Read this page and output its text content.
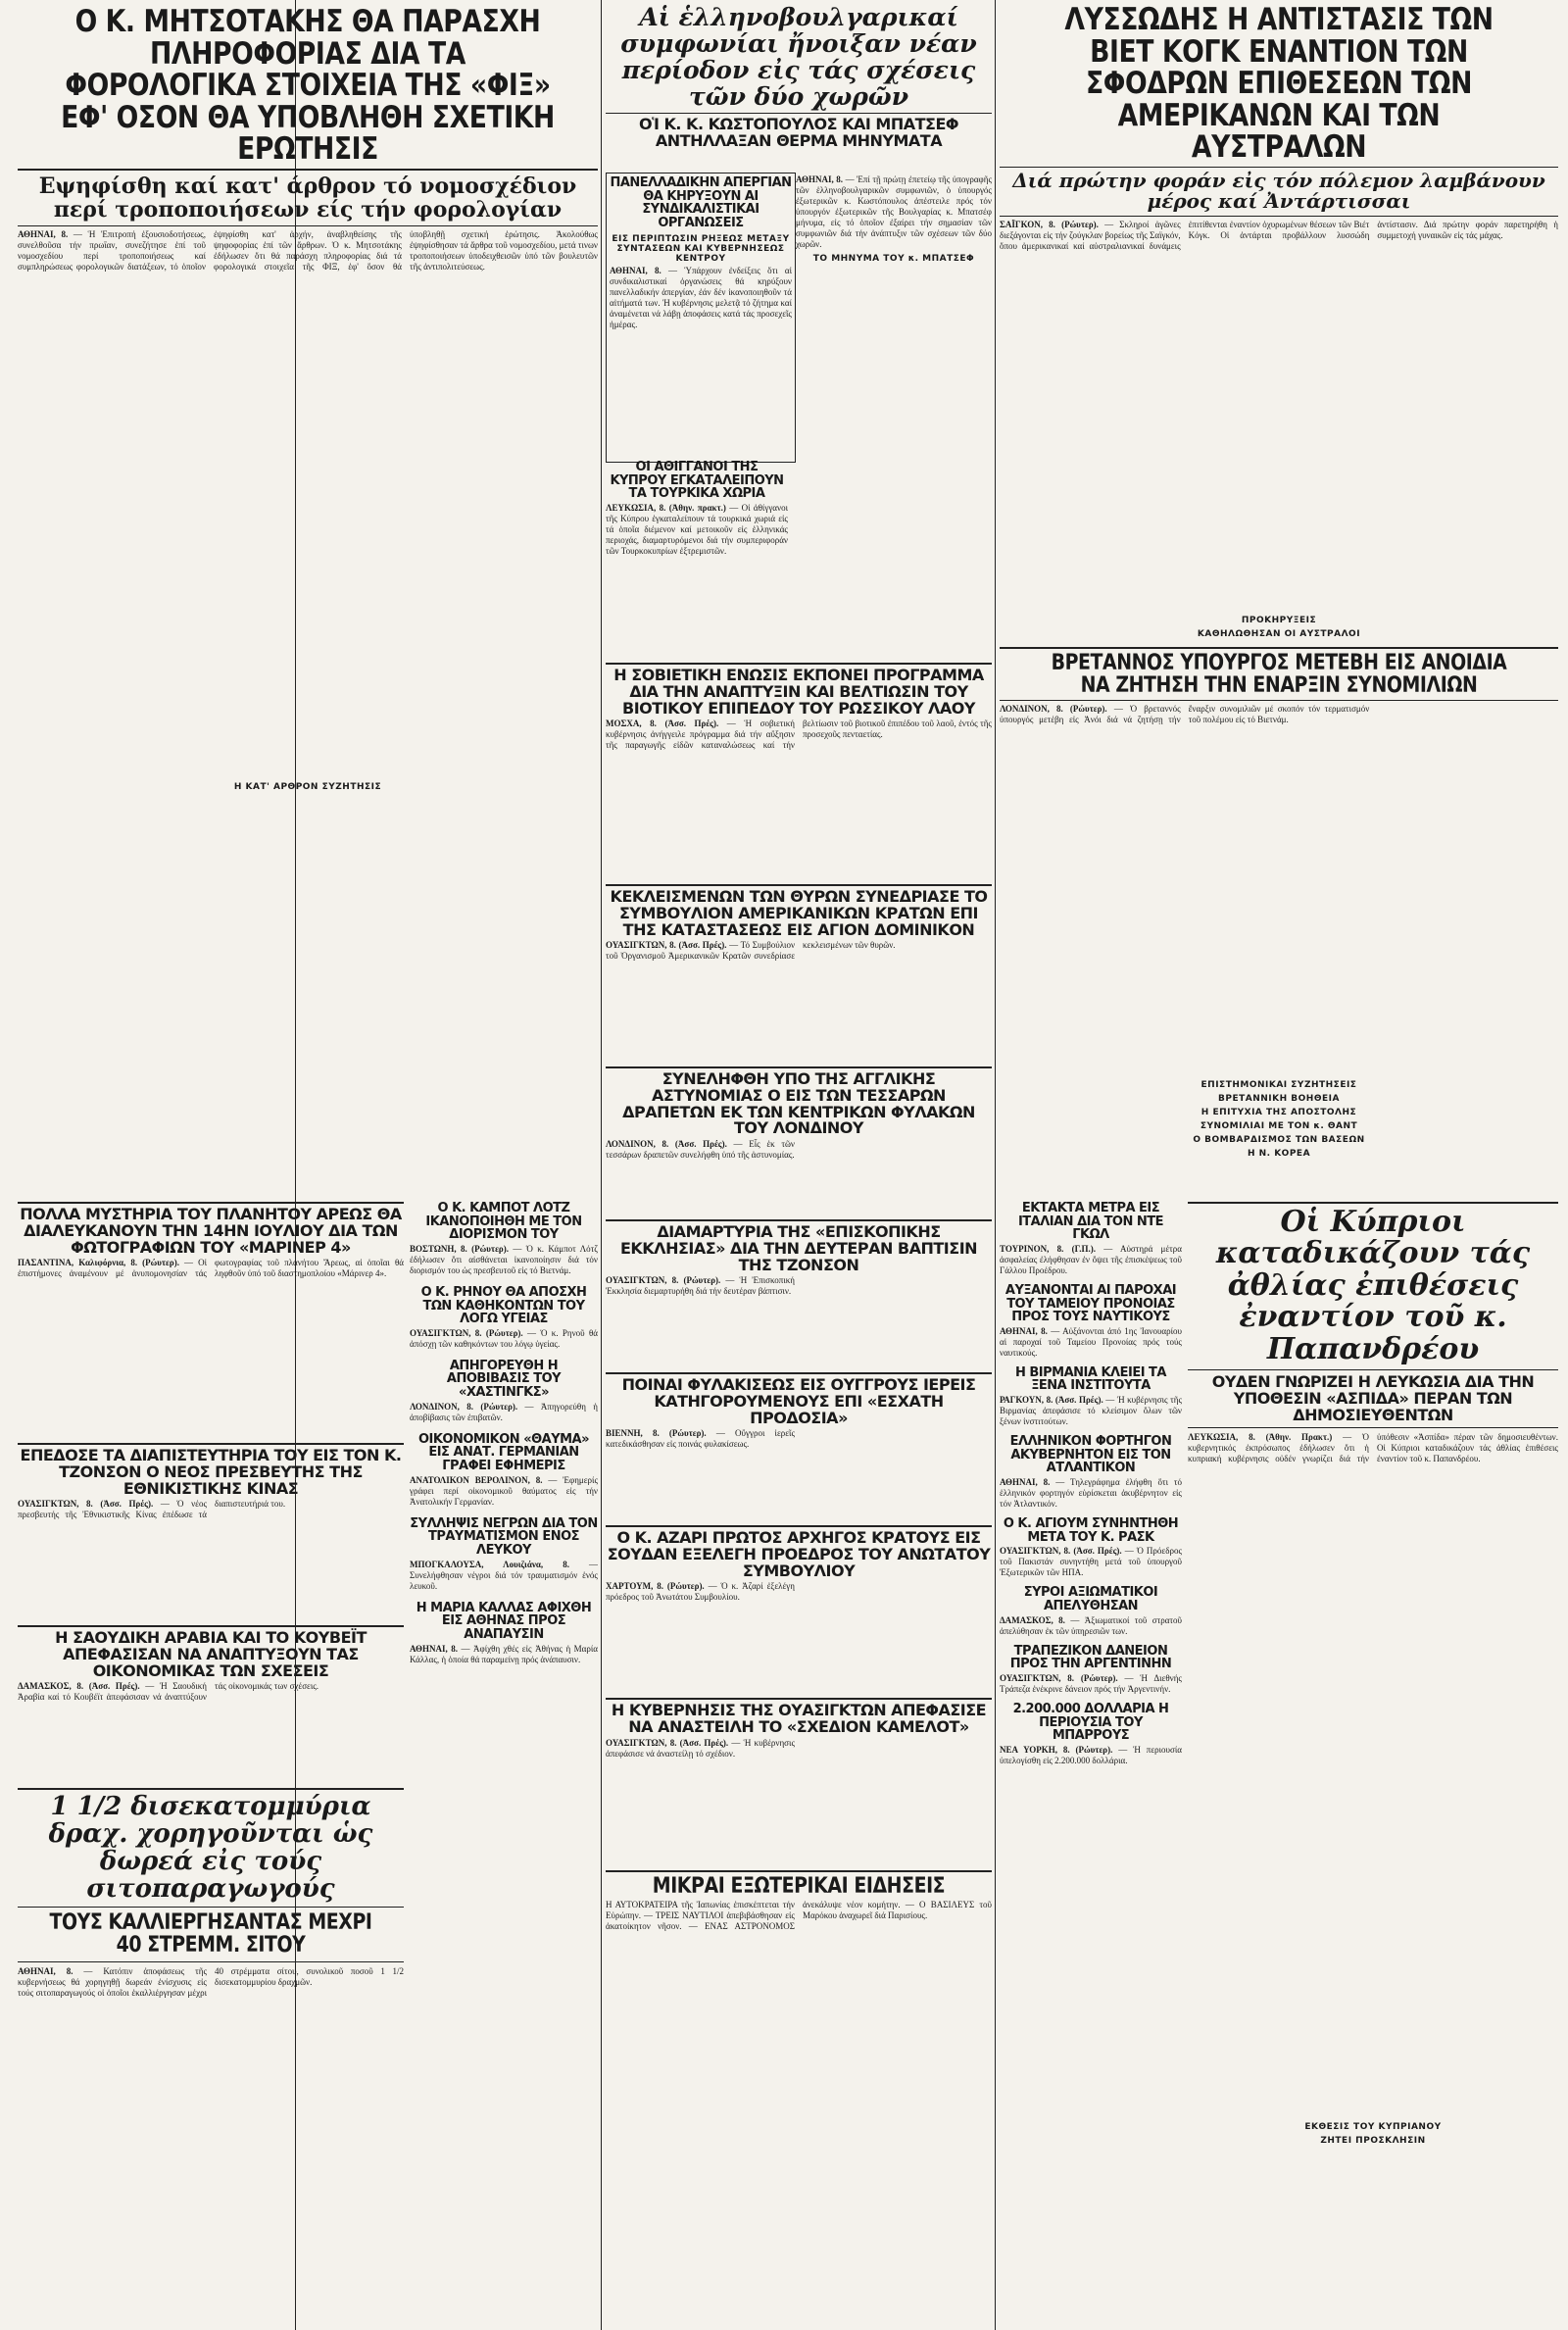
Ο Κ. ΜΗΤΣΟΤΑΚΗΣ ΘΑ ΠΑΡΑΣΧΗ ΠΛΗΡΟΦΟΡΙΑΣ ΔΙΑ ΤΑ ΦΟΡΟΛΟΓΙΚΑ ΣΤΟΙΧΕΙΑ ΤΗΣ «ΦΙΞ» ΕΦ' ΟΣΟΝ ΘΑ ΥΠΟΒΛΗΘΗ ΣΧΕΤΙΚΗ ΕΡΩΤΗΣΙΣ
Εψηφίσθη καί κατ' άρθρον τό νομοσχέδιον περί τροποποιήσεων είς τήν φορολογίαν
ΑΘΗΝΑΙ, 8. — Ἡ Ἐπιτροπή ἐξουσιοδοτήσεως, συνελθοῦσα τήν πρωΐαν, συνεζήτησε ἐπί τοῦ νομοσχεδίου περί τροποποιήσεως καί συμπληρώσεως φορολογικῶν διατάξεων, τό ὁποῖον ἐψηφίσθη κατ' ἀρχήν, ἀναβληθείσης τῆς ψηφοφορίας ἐπί τῶν ἄρθρων. Ὁ κ. Μητσοτάκης ἐδήλωσεν ὅτι θά παράσχη πληροφορίας διά τά φορολογικά στοιχεῖα τῆς ΦΙΞ, ἐφ' ὅσον θά ὑποβληθῇ σχετική ἐρώτησις. Ἀκολούθως ἐψηφίσθησαν τά ἄρθρα τοῦ νομοσχεδίου, μετά τινων τροποποιήσεων ὑποδειχθεισῶν ὑπό τῶν βουλευτῶν τῆς ἀντιπολιτεύσεως.
Η ΚΑΤ' ΑΡΘΡΟΝ ΣΥΖΗΤΗΣΙΣ
Αἱ ἑλληνοβουλγαρικαί συμφωνίαι ἤνοιξαν νέαν περίοδον εἰς τάς σχέσεις τῶν δύο χωρῶν
ΟἹ Κ. Κ. ΚΩΣΤΟΠΟΥΛΟΣ ΚΑΙ ΜΠΑΤΣΕΦ ΑΝΤΗΛΛΑΞΑΝ ΘΕΡΜΑ ΜΗΝΥΜΑΤΑ
ΠΑΝΕΛΛΑΔΙΚΗΝ ΑΠΕΡΓΙΑΝ ΘΑ ΚΗΡΥΞΟΥΝ ΑΙ ΣΥΝΔΙΚΑΛΙΣΤΙΚΑΙ ΟΡΓΑΝΩΣΕΙΣ
ΕΙΣ ΠΕΡΙΠΤΩΣΙΝ ΡΗΞΕΩΣ ΜΕΤΑΞΥ ΣΥΝΤΑΣΕΩΝ ΚΑΙ ΚΥΒΕΡΝΗΣΕΩΣ ΚΕΝΤΡΟΥ

ΑΘΗΝΑΙ, 8. — Ὑπάρχουν ἐνδείξεις ὅτι αἱ συνδικαλιστικαί ὀργανώσεις θά κηρύξουν πανελλαδικήν ἀπεργίαν, ἐάν δέν ἱκανοποιηθοῦν τά αἰτήματά των. Ἡ κυβέρνησις μελετᾷ τό ζήτημα καί ἀναμένεται νά λάβῃ ἀποφάσεις κατά τάς προσεχεῖς ἡμέρας.

ΑΘΗΝΑΙ, 8. — Ἐπί τῇ πρώτῃ ἐπετείῳ τῆς ὑπογραφῆς τῶν ἑλληνοβουλγαρικῶν συμφωνιῶν, ὁ ὑπουργός ἐξωτερικῶν κ. Κωστόπουλος ἀπέστειλε πρός τόν ὑπουργόν ἐξωτερικῶν τῆς Βουλγαρίας κ. Μπατσέφ μήνυμα, εἰς τό ὁποῖον ἐξαίρει τήν σημασίαν τῶν συμφωνιῶν διά τήν ἀνάπτυξιν τῶν σχέσεων τῶν δύο χωρῶν.

ΤΟ ΜΗΝΥΜΑ ΤΟΥ κ. ΜΠΑΤΣΕΦ
ΟΙ ΑΘΙΓΓΑΝΟΙ ΤΗΣ ΚΥΠΡΟΥ ΕΓΚΑΤΑΛΕΙΠΟΥΝ ΤΑ ΤΟΥΡΚΙΚΑ ΧΩΡΙΑ

ΛΕΥΚΩΣΙΑ, 8. (Ἀθην. πρακτ.) — Οἱ ἀθίγγανοι τῆς Κύπρου ἐγκαταλείπουν τά τουρκικά χωριά εἰς τά ὁποῖα διέμενον καί μετοικοῦν εἰς ἑλληνικάς περιοχάς, διαμαρτυρόμενοι διά τήν συμπεριφοράν τῶν Τουρκοκυπρίων ἐξτρεμιστῶν.

Η ΣΟΒΙΕΤΙΚΗ ΕΝΩΣΙΣ ΕΚΠΟΝΕΙ ΠΡΟΓΡΑΜΜΑ ΔΙΑ ΤΗΝ ΑΝΑΠΤΥΞΙΝ ΚΑΙ ΒΕΛΤΙΩΣΙΝ ΤΟΥ ΒΙΟΤΙΚΟΥ ΕΠΙΠΕΔΟΥ ΤΟΥ ΡΩΣΣΙΚΟΥ ΛΑΟΥ

ΜΟΣΧΑ, 8. (Ἀσσ. Πρές). — Ἡ σοβιετική κυβέρνησις ἀνήγγειλε πρόγραμμα διά τήν αὔξησιν τῆς παραγωγῆς εἰδῶν καταναλώσεως καί τήν βελτίωσιν τοῦ βιοτικοῦ ἐπιπέδου τοῦ λαοῦ, ἐντός τῆς προσεχοῦς πενταετίας.

ΚΕΚΛΕΙΣΜΕΝΩΝ ΤΩΝ ΘΥΡΩΝ ΣΥΝΕΔΡΙΑΣΕ ΤΟ ΣΥΜΒΟΥΛΙΟΝ ΑΜΕΡΙΚΑΝΙΚΩΝ ΚΡΑΤΩΝ ΕΠΙ ΤΗΣ ΚΑΤΑΣΤΑΣΕΩΣ ΕΙΣ ΑΓΙΟΝ ΔΟΜΙΝΙΚΟΝ

ΟΥΑΣΙΓΚΤΩΝ, 8. (Ἀσσ. Πρές). — Τό Συμβούλιον τοῦ Ὀργανισμοῦ Ἀμερικανικῶν Κρατῶν συνεδρίασε κεκλεισμένων τῶν θυρῶν.

ΛΥΣΣΩΔΗΣ Η ΑΝΤΙΣΤΑΣΙΣ ΤΩΝ ΒΙΕΤ ΚΟΓΚ ΕΝΑΝΤΙΟΝ ΤΩΝ ΣΦΟΔΡΩΝ ΕΠΙΘΕΣΕΩΝ ΤΩΝ ΑΜΕΡΙΚΑΝΩΝ ΚΑΙ ΤΩΝ ΑΥΣΤΡΑΛΩΝ
Διά πρώτην φοράν εἰς τόν πόλεμον λαμβάνουν μέρος καί Ἀντάρτισσαι
ΣΑΪΓΚΟΝ, 8. (Ρώυτερ). — Σκληροί ἀγῶνες διεξάγονται εἰς τήν ζούγκλαν βορείως τῆς Σαϊγκόν, ὅπου ἀμερικανικαί καί αὐστραλιανικαί δυνάμεις ἐπιτίθενται ἐναντίον ὀχυρωμένων θέσεων τῶν Βιέτ Κόγκ. Οἱ ἀντάρται προβάλλουν λυσσώδη ἀντίστασιν. Διά πρώτην φοράν παρετηρήθη ἡ συμμετοχή γυναικῶν εἰς τάς μάχας.
ΠΡΟΚΗΡΥΞΕΙΣ
ΚΑΘΗΛΩΘΗΣΑΝ ΟΙ ΑΥΣΤΡΑΛΟΙ
ΒΡΕΤΑΝΝΟΣ ΥΠΟΥΡΓΟΣ ΜΕΤΕΒΗ ΕΙΣ ΑΝΟΙΔΙΑ ΝΑ ΖΗΤΗΣΗ ΤΗΝ ΕΝΑΡΞΙΝ ΣΥΝΟΜΙΛΙΩΝ
ΛΟΝΔΙΝΟΝ, 8. (Ρώυτερ). — Ὁ βρεταννός ὑπουργός μετέβη εἰς Ἀνόι διά νά ζητήσῃ τήν ἔναρξιν συνομιλιῶν μέ σκοπόν τόν τερματισμόν τοῦ πολέμου εἰς τό Βιετνάμ.
ΕΠΙΣΤΗΜΟΝΙΚΑΙ ΣΥΖΗΤΗΣΕΙΣ
ΒΡΕΤΑΝΝΙΚΗ ΒΟΗΘΕΙΑ
Η ΕΠΙΤΥΧΙΑ ΤΗΣ ΑΠΟΣΤΟΛΗΣ
ΣΥΝΟΜΙΛΙΑΙ ΜΕ ΤΟΝ κ. ΘΑΝΤ
Ο ΒΟΜΒΑΡΔΙΣΜΟΣ ΤΩΝ ΒΑΣΕΩΝ
Η Ν. ΚΟΡΕΑ
ΕΚΤΑΚΤΑ ΜΕΤΡΑ ΕΙΣ ΙΤΑΛΙΑΝ ΔΙΑ ΤΟΝ ΝΤΕ ΓΚΩΛ

ΤΟΥΡΙΝΟΝ, 8. (Γ.Π.). — Αὐστηρά μέτρα ἀσφαλείας ἐλήφθησαν ἐν ὄψει τῆς ἐπισκέψεως τοῦ Γάλλου Προέδρου.

ΑΥΞΑΝΟΝΤΑΙ ΑΙ ΠΑΡΟΧΑΙ ΤΟΥ ΤΑΜΕΙΟΥ ΠΡΟΝΟΙΑΣ ΠΡΟΣ ΤΟΥΣ ΝΑΥΤΙΚΟΥΣ

ΑΘΗΝΑΙ, 8. — Αὐξάνονται ἀπό 1ης Ἰανουαρίου αἱ παροχαί τοῦ Ταμείου Προνοίας πρός τούς ναυτικούς.

Η ΒΙΡΜΑΝΙΑ ΚΛΕΙΕΙ ΤΑ ΞΕΝΑ ΙΝΣΤΙΤΟΥΤΑ

ΡΑΓΚΟΥΝ, 8. (Ἀσσ. Πρές). — Ἡ κυβέρνησις τῆς Βιρμανίας ἀπεφάσισε τό κλείσιμον ὅλων τῶν ξένων ἰνστιτούτων.

ΕΛΛΗΝΙΚΟΝ ΦΟΡΤΗΓΟΝ ΑΚΥΒΕΡΝΗΤΟΝ ΕΙΣ ΤΟΝ ΑΤΛΑΝΤΙΚΟΝ

ΑΘΗΝΑΙ, 8. — Τηλεγράφημα ἐλήφθη ὅτι τό ἑλληνικόν φορτηγόν εὑρίσκεται ἀκυβέρνητον εἰς τόν Ἀτλαντικόν.

Ο Κ. ΑΓΙΟΥΜ ΣΥΝΗΝΤΗΘΗ ΜΕΤΑ ΤΟΥ Κ. ΡΑΣΚ

ΟΥΑΣΙΓΚΤΩΝ, 8. (Ἀσσ. Πρές). — Ὁ Πρόεδρος τοῦ Πακιστάν συνηντήθη μετά τοῦ ὑπουργοῦ Ἐξωτερικῶν τῶν ΗΠΑ.

ΣΥΡΟΙ ΑΞΙΩΜΑΤΙΚΟΙ ΑΠΕΛΥΘΗΣΑΝ

ΔΑΜΑΣΚΟΣ, 8. — Ἀξιωματικοί τοῦ στρατοῦ ἀπελύθησαν ἐκ τῶν ὑπηρεσιῶν των.

ΤΡΑΠΕΖΙΚΟΝ ΔΑΝΕΙΟΝ ΠΡΟΣ ΤΗΝ ΑΡΓΕΝΤΙΝΗΝ

ΟΥΑΣΙΓΚΤΩΝ, 8. (Ρώυτερ). — Ἡ Διεθνής Τράπεζα ἐνέκρινε δάνειον πρός τήν Ἀργεντινήν.

2.200.000 ΔΟΛΛΑΡΙΑ Η ΠΕΡΙΟΥΣΙΑ ΤΟΥ ΜΠΑΡΡΟΥΣ

ΝΕΑ ΥΟΡΚΗ, 8. (Ρώυτερ). — Ἡ περιουσία ὑπελογίσθη εἰς 2.200.000 δολλάρια.

Οἱ Κύπριοι καταδικάζουν τάς ἀθλίας ἐπιθέσεις ἐναντίον τοῦ κ. Παπανδρέου
ΟΥΔΕΝ ΓΝΩΡΙΖΕΙ Η ΛΕΥΚΩΣΙΑ ΔΙΑ ΤΗΝ ΥΠΟΘΕΣΙΝ «ΑΣΠΙΔΑ» ΠΕΡΑΝ ΤΩΝ ΔΗΜΟΣΙΕΥΘΕΝΤΩΝ
ΛΕΥΚΩΣΙΑ, 8. (Ἀθην. Πρακτ.) — Ὁ κυβερνητικός ἐκπρόσωπος ἐδήλωσεν ὅτι ἡ κυπριακή κυβέρνησις οὐδέν γνωρίζει διά τήν ὑπόθεσιν «Ἀσπίδα» πέραν τῶν δημοσιευθέντων. Οἱ Κύπριοι καταδικάζουν τάς ἀθλίας ἐπιθέσεις ἐναντίον τοῦ κ. Παπανδρέου.
ΕΚΘΕΣΙΣ ΤΟΥ ΚΥΠΡΙΑΝΟΥ
ΖΗΤΕΙ ΠΡΟΣΚΛΗΣΙΝ
ΠΟΛΛΑ ΜΥΣΤΗΡΙΑ ΤΟΥ ΠΛΑΝΗΤΟΥ ΑΡΕΩΣ ΘΑ ΔΙΑΛΕΥΚΑΝΟΥΝ ΤΗΝ 14ΗΝ ΙΟΥΛΙΟΥ ΔΙΑ ΤΩΝ ΦΩΤΟΓΡΑΦΙΩΝ ΤΟΥ «ΜΑΡΙΝΕΡ 4»

ΠΑΣΑΝΤΙΝΑ, Καλιφόρνια, 8. (Ρώυτερ). — Οἱ ἐπιστήμονες ἀναμένουν μέ ἀνυπομονησίαν τάς φωτογραφίας τοῦ πλανήτου Ἄρεως, αἱ ὁποῖαι θά ληφθοῦν ὑπό τοῦ διαστημοπλοίου «Μάρινερ 4».

ΕΠΕΔΟΣΕ ΤΑ ΔΙΑΠΙΣΤΕΥΤΗΡΙΑ ΤΟΥ ΕΙΣ ΤΟΝ Κ. ΤΖΟΝΣΟΝ Ο ΝΕΟΣ ΠΡΕΣΒΕΥΤΗΣ ΤΗΣ ΕΘΝΙΚΙΣΤΙΚΗΣ ΚΙΝΑΣ

ΟΥΑΣΙΓΚΤΩΝ, 8. (Ἀσσ. Πρές). — Ὁ νέος πρεσβευτής τῆς Ἐθνικιστικῆς Κίνας ἐπέδωσε τά διαπιστευτήριά του.

Η ΣΑΟΥΔΙΚΗ ΑΡΑΒΙΑ ΚΑΙ ΤΟ ΚΟΥΒΕΪΤ ΑΠΕΦΑΣΙΣΑΝ ΝΑ ΑΝΑΠΤΥΞΟΥΝ ΤΑΣ ΟΙΚΟΝΟΜΙΚΑΣ ΤΩΝ ΣΧΕΣΕΙΣ

ΔΑΜΑΣΚΟΣ, 8. (Ἀσσ. Πρές). — Ἡ Σαουδική Ἀραβία καί τό Κουβέϊτ ἀπεφάσισαν νά ἀναπτύξουν τάς οἰκονομικάς των σχέσεις.

1 1/2 δισεκατομμύρια δραχ. χορηγοῦνται ὡς δωρεά εἰς τούς σιτοπαραγωγούς
ΤΟΥΣ ΚΑΛΛΙΕΡΓΗΣΑΝΤΑΣ ΜΕΧΡΙ 40 ΣΤΡΕΜΜ. ΣΙΤΟΥ

ΑΘΗΝΑΙ, 8. — Κατόπιν ἀποφάσεως τῆς κυβερνήσεως θά χορηγηθῇ δωρεάν ἐνίσχυσις εἰς τούς σιτοπαραγωγούς οἱ ὁποῖοι ἐκαλλιέργησαν μέχρι 40 στρέμματα σίτου, συνολικοῦ ποσοῦ 1 1/2 δισεκατομμυρίου δραχμῶν.

Ο Κ. ΚΑΜΠΟΤ ΛΟΤΖ ΙΚΑΝΟΠΟΙΗΘΗ ΜΕ ΤΟΝ ΔΙΟΡΙΣΜΟΝ ΤΟΥ

ΒΟΣΤΩΝΗ, 8. (Ρώυτερ). — Ὁ κ. Κάμποτ Λότζ ἐδήλωσεν ὅτι αἰσθάνεται ἱκανοποίησιν διά τόν διορισμόν του ὡς πρεσβευτοῦ εἰς τό Βιετνάμ.

Ο Κ. ΡΗΝΟΥ ΘΑ ΑΠΟΣΧΗ ΤΩΝ ΚΑΘΗΚΟΝΤΩΝ ΤΟΥ ΛΟΓΩ ΥΓΕΙΑΣ

ΟΥΑΣΙΓΚΤΩΝ, 8. (Ρώυτερ). — Ὁ κ. Ρηνοῦ θά ἀπόσχῃ τῶν καθηκόντων του λόγῳ ὑγείας.

ΑΠΗΓΟΡΕΥΘΗ Η ΑΠΟΒΙΒΑΣΙΣ ΤΟΥ «ΧΑΣΤΙΝΓΚΣ»

ΛΟΝΔΙΝΟΝ, 8. (Ρώυτερ). — Ἀπηγορεύθη ἡ ἀποβίβασις τῶν ἐπιβατῶν.

ΟΙΚΟΝΟΜΙΚΟΝ «ΘΑΥΜΑ» ΕΙΣ ΑΝΑΤ. ΓΕΡΜΑΝΙΑΝ ΓΡΑΦΕΙ ΕΦΗΜΕΡΙΣ

ΑΝΑΤΟΛΙΚΟΝ ΒΕΡΟΛΙΝΟΝ, 8. — Ἐφημερίς γράφει περί οἰκονομικοῦ θαύματος εἰς τήν Ἀνατολικήν Γερμανίαν.

ΣΥΛΛΗΨΙΣ ΝΕΓΡΩΝ ΔΙΑ ΤΟΝ ΤΡΑΥΜΑΤΙΣΜΟΝ ΕΝΟΣ ΛΕΥΚΟΥ

ΜΠΟΓΚΑΛΟΥΣΑ, Λουιζιάνα, 8. — Συνελήφθησαν νέγροι διά τόν τραυματισμόν ἑνός λευκοῦ.

Η ΜΑΡΙΑ ΚΑΛΛΑΣ ΑΦΙΧΘΗ ΕΙΣ ΑΘΗΝΑΣ ΠΡΟΣ ΑΝΑΠΑΥΣΙΝ

ΑΘΗΝΑΙ, 8. — Ἀφίχθη χθές εἰς Ἀθήνας ἡ Μαρία Κάλλας, ἡ ὁποία θά παραμείνῃ πρός ἀνάπαυσιν.

ΣΥΝΕΛΗΦΘΗ ΥΠΟ ΤΗΣ ΑΓΓΛΙΚΗΣ ΑΣΤΥΝΟΜΙΑΣ Ο ΕΙΣ ΤΩΝ ΤΕΣΣΑΡΩΝ ΔΡΑΠΕΤΩΝ ΕΚ ΤΩΝ ΚΕΝΤΡΙΚΩΝ ΦΥΛΑΚΩΝ ΤΟΥ ΛΟΝΔΙΝΟΥ

ΛΟΝΔΙΝΟΝ, 8. (Ἀσσ. Πρές). — Εἷς ἐκ τῶν τεσσάρων δραπετῶν συνελήφθη ὑπό τῆς ἀστυνομίας.

ΔΙΑΜΑΡΤΥΡΙΑ ΤΗΣ «ΕΠΙΣΚΟΠΙΚΗΣ ΕΚΚΛΗΣΙΑΣ» ΔΙΑ ΤΗΝ ΔΕΥΤΕΡΑΝ ΒΑΠΤΙΣΙΝ ΤΗΣ ΤΖΟΝΣΟΝ

ΟΥΑΣΙΓΚΤΩΝ, 8. (Ρώυτερ). — Ἡ Ἐπισκοπική Ἐκκλησία διεμαρτυρήθη διά τήν δευτέραν βάπτισιν.

ΠΟΙΝΑΙ ΦΥΛΑΚΙΣΕΩΣ ΕΙΣ ΟΥΓΓΡΟΥΣ ΙΕΡΕΙΣ ΚΑΤΗΓΟΡΟΥΜΕΝΟΥΣ ΕΠΙ «ΕΣΧΑΤΗ ΠΡΟΔΟΣΙΑ»

ΒΙΕΝΝΗ, 8. (Ρώυτερ). — Οὔγγροι ἱερεῖς κατεδικάσθησαν εἰς ποινάς φυλακίσεως.

Ο Κ. ΑΖΑΡΙ ΠΡΩΤΟΣ ΑΡΧΗΓΟΣ ΚΡΑΤΟΥΣ ΕΙΣ ΣΟΥΔΑΝ ΕΞΕΛΕΓΗ ΠΡΟΕΔΡΟΣ ΤΟΥ ΑΝΩΤΑΤΟΥ ΣΥΜΒΟΥΛΙΟΥ

ΧΑΡΤΟΥΜ, 8. (Ρώυτερ). — Ὁ κ. Ἀζαρί ἐξελέγη πρόεδρος τοῦ Ἀνωτάτου Συμβουλίου.

Η ΚΥΒΕΡΝΗΣΙΣ ΤΗΣ ΟΥΑΣΙΓΚΤΩΝ ΑΠΕΦΑΣΙΣΕ ΝΑ ΑΝΑΣΤΕΙΛΗ ΤΟ «ΣΧΕΔΙΟΝ ΚΑΜΕΛΟΤ»

ΟΥΑΣΙΓΚΤΩΝ, 8. (Ἀσσ. Πρές). — Ἡ κυβέρνησις ἀπεφάσισε νά ἀναστείλῃ τό σχέδιον.

ΜΙΚΡΑΙ ΕΞΩΤΕΡΙΚΑΙ ΕΙΔΗΣΕΙΣ

Η ΑΥΤΟΚΡΑΤΕΙΡΑ τῆς Ἰαπωνίας ἐπισκέπτεται τήν Εὐρώπην. — ΤΡΕΙΣ ΝΑΥΤΙΛΟΙ ἀπεβιβάσθησαν εἰς ἀκατοίκητον νῆσον. — ΕΝΑΣ ΑΣΤΡΟΝΟΜΟΣ ἀνεκάλυψε νέον κομήτην. — Ο ΒΑΣΙΛΕΥΣ τοῦ Μαρόκου ἀναχωρεῖ διά Παρισίους.
